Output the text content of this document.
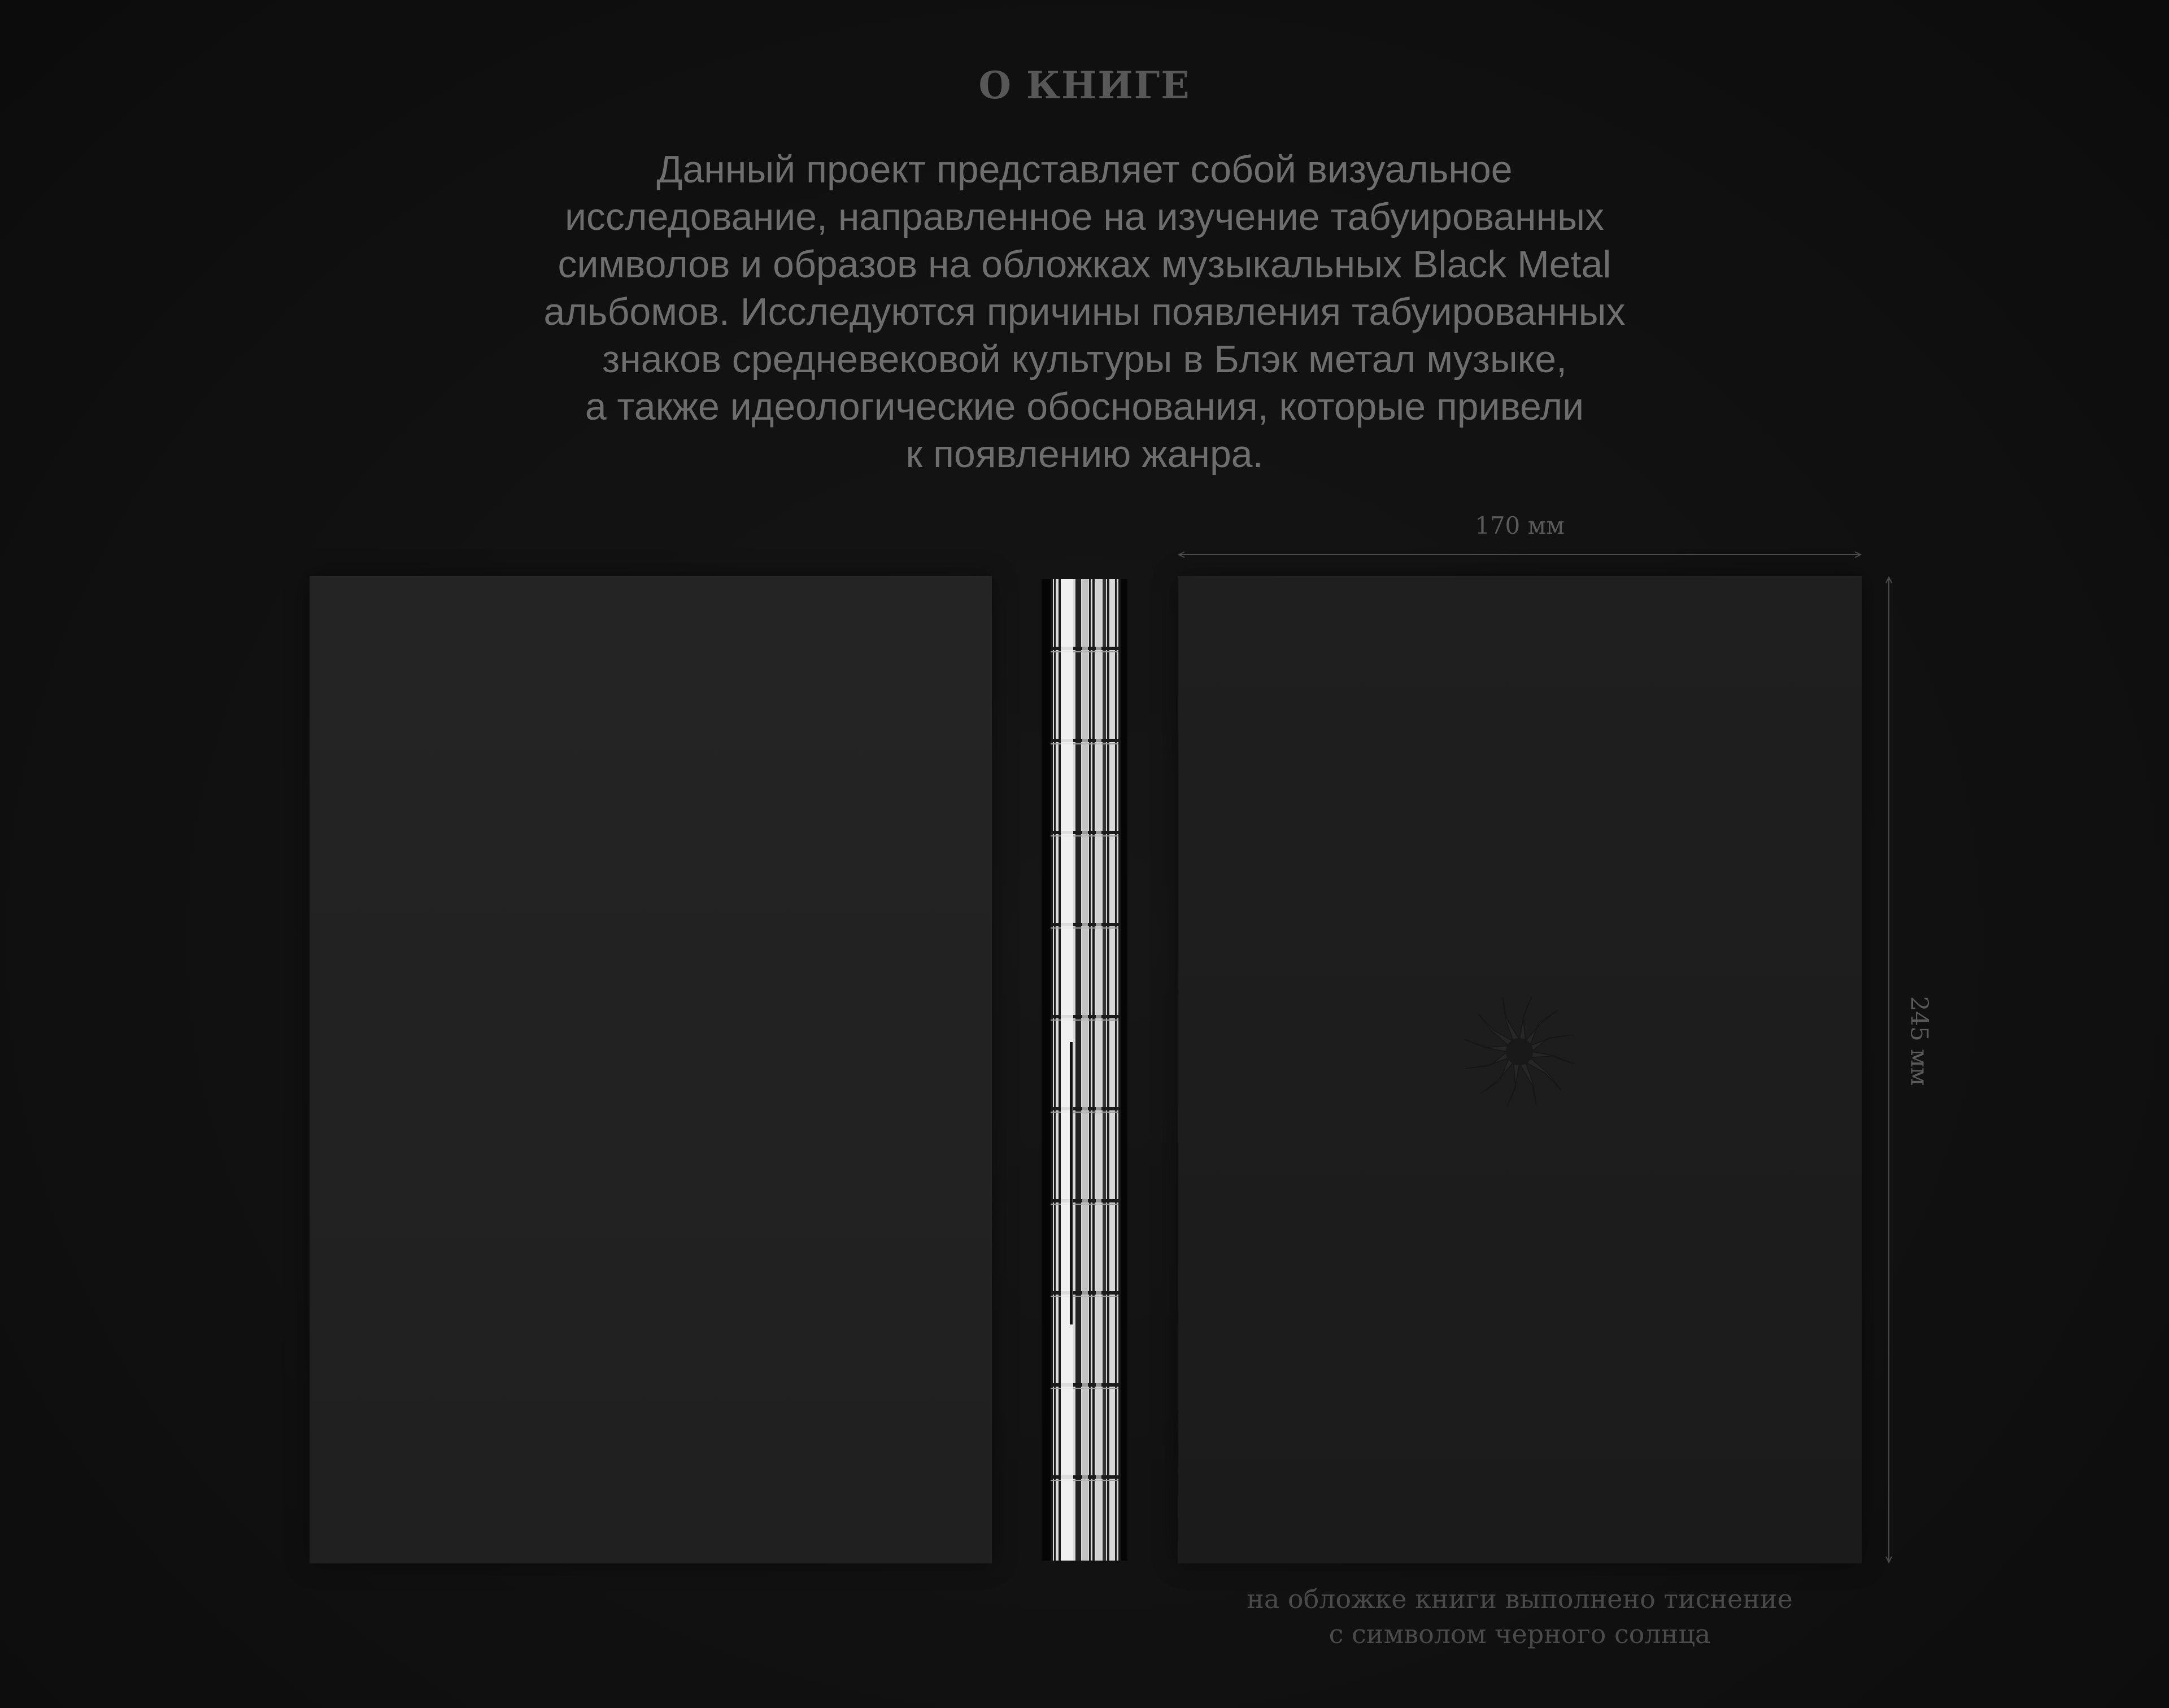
О КНИГЕ
Данный проект представляет собой визуальное
исследование, направленное на изучение табуированных
символов и образов на обложках музыкальных Black Metal
альбомов. Исследуются причины появления табуированных
знаков средневековой культуры в Блэк метал музыке,
а также идеологические обоснования, которые привели
к появлению жанра.
170 мм
245 мм
на обложке книги выполнено тиснение
с символом черного солнца
